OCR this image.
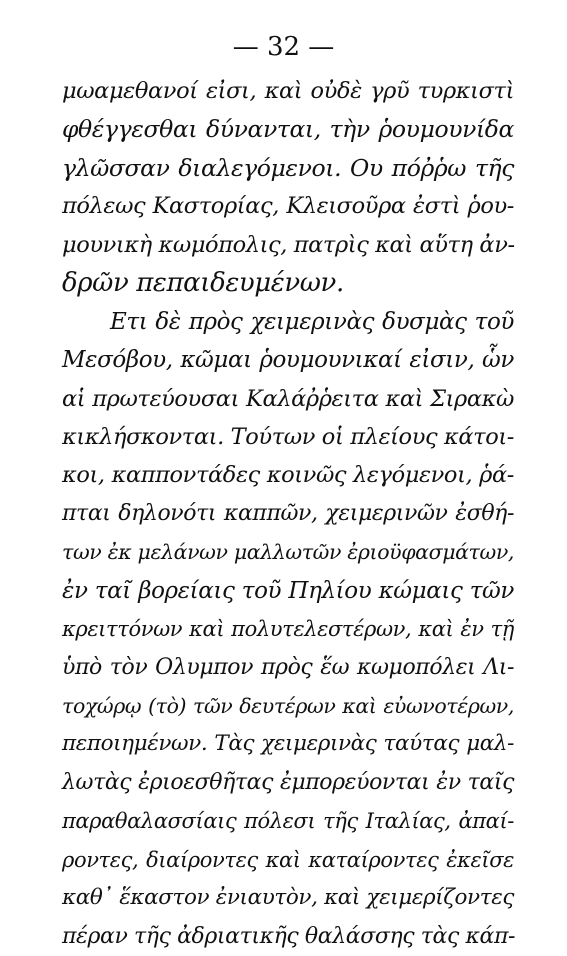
— 32 —
μωαμεθανοί εἰσι, καὶ οὐδὲ γρῦ τυρκιστὶ
φθέγγεσθαι δύνανται, τὴν ῥουμουνίδα
γλῶσσαν διαλεγόμενοι. Ου πόῤῥω τῆς
πόλεως Καστορίας, Κλεισοῦρα ἐστὶ ῥου-
μουνικὴ κωμόπολις, πατρὶς καὶ αὕτη ἀν-
δρῶν πεπαιδευμένων.
Ετι δὲ πρὸς χειμερινὰς δυσμὰς τοῦ
Μεσόβου, κῶμαι ῥουμουνικαί εἰσιν, ὧν
αἱ πρωτεύουσαι Καλάῤῥειτα καὶ Σιρακὼ
κικλήσκονται. Τούτων οἱ πλείους κάτοι-
κοι, καπποντάδες κοινῶς λεγόμενοι, ῥά-
πται δηλονότι καππῶν, χειμερινῶν ἐσθή-
των ἐκ μελάνων μαλλωτῶν ἐριοϋφασμάτων,
ἐν ταῖ βορείαις τοῦ Πηλίου κώμαις τῶν
κρειττόνων καὶ πολυτελεστέρων, καὶ ἐν τῇ
ὑπὸ τὸν Ολυμπον πρὸς ἕω κωμοπόλει Λι-
τοχώρῳ (τὸ) τῶν δευτέρων καὶ εὐωνοτέρων,
πεποιημένων. Τὰς χειμερινὰς ταύτας μαλ-
λωτὰς ἐριοεσθῆτας ἐμπορεύονται ἐν ταῖς
παραθαλασσίαις πόλεσι τῆς Ιταλίας, ἀπαί-
ροντες, διαίροντες καὶ καταίροντες ἐκεῖσε
καθ᾽ ἕκαστον ἐνιαυτὸν, καὶ χειμερίζοντες
πέραν τῆς ἀδριατικῆς θαλάσσης τὰς κάπ-
